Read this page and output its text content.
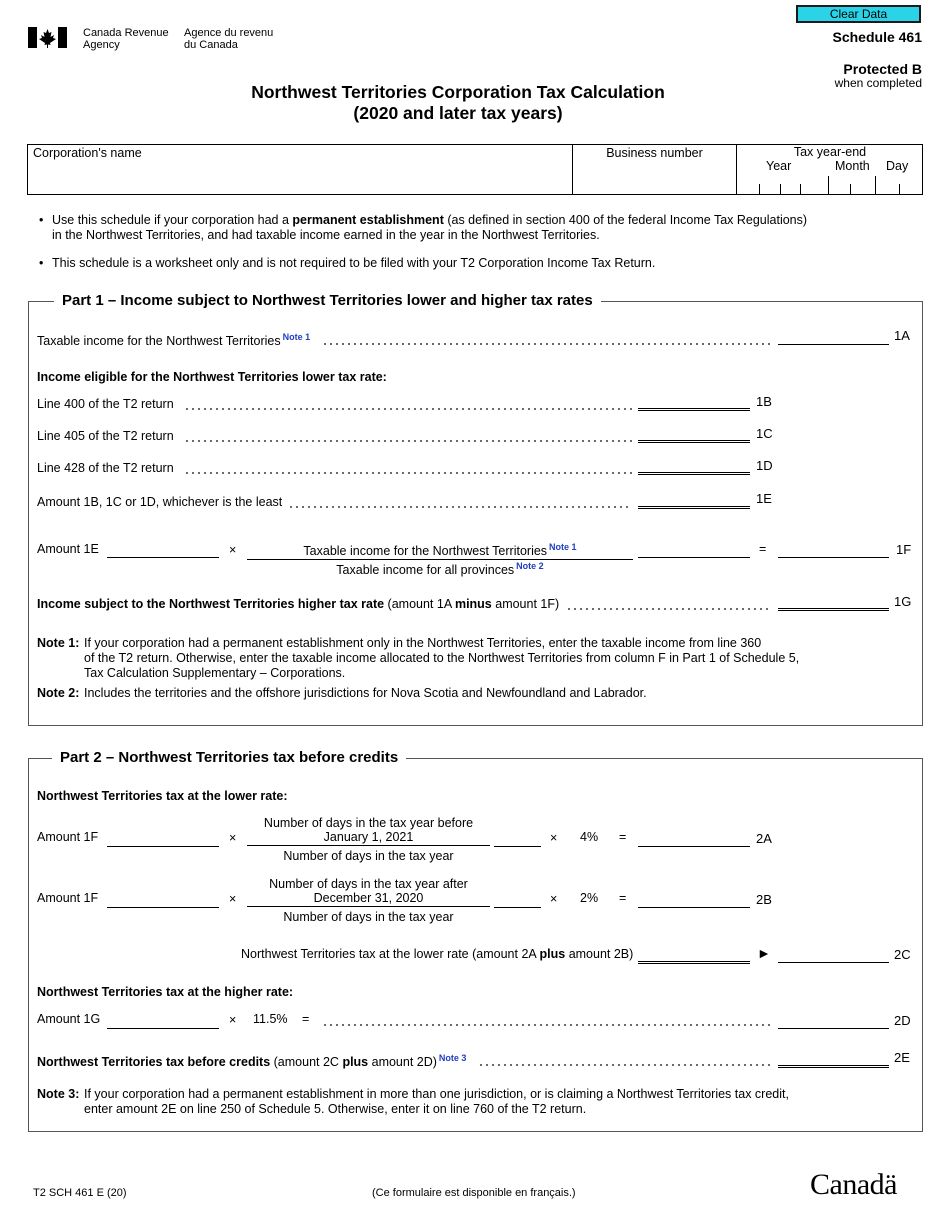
Canada Revenue
Agency
Agence du revenu
du Canada
Clear Data
Schedule 461
Protected B
when completed
Northwest Territories Corporation Tax Calculation
(2020 and later tax years)
Corporation's name	Business number	Tax year-end
Year	Month Day
• Use this schedule if your corporation had a permanent establishment (as defined in section 400 of the federal Income Tax Regulations)
in the Northwest Territories, and had taxable income earned in the year in the Northwest Territories.
• This schedule is a worksheet only and is not required to be filed with your T2 Corporation Income Tax Return.
Part 1 – Income subject to Northwest Territories lower and higher tax rates
Taxable income for the Northwest Territories $^{Note 1}$	1A
Income eligible for the Northwest Territories lower tax rate:
Line 400 of the T2 return	1B
Line 405 of the T2 return	1C
Line 428 of the T2 return	1D
Amount 1B, 1C or 1D, whichever is the least	1E
Amount 1E	×	Taxable income for the Northwest Territories $^{Note 1}$
Taxable income for all provinces $^{Note 2}$
=	1F
Income subject to the Northwest Territories higher tax rate (amount 1A minus amount 1F)	1G
Note 1: If your corporation had a permanent establishment only in the Northwest Territories, enter the taxable income from line 360
of the T2 return. Otherwise, enter the taxable income allocated to the Northwest Territories from column F in Part 1 of Schedule 5,
Tax Calculation Supplementary – Corporations.
Note 2: Includes the territories and the offshore jurisdictions for Nova Scotia and Newfoundland and Labrador.
Part 2 – Northwest Territories tax before credits
Northwest Territories tax at the lower rate:
Amount 1F	×
Number of days in the tax year before
January 1, 2021
Number of days in the tax year
× 4% =	2A
Amount 1F	×
Number of days in the tax year after
December 31, 2020
Number of days in the tax year
× 2% =	2B
Northwest Territories tax at the lower rate (amount 2A plus amount 2B)	►	2C
Northwest Territories tax at the higher rate:
Amount 1G	× 11.5% =	2D
Northwest Territories tax before credits (amount 2C plus amount 2D) $^{Note 3}$	2E
Note 3: If your corporation had a permanent establishment in more than one jurisdiction, or is claiming a Northwest Territories tax credit,
enter amount 2E on line 250 of Schedule 5. Otherwise, enter it on line 760 of the T2 return.
T2 SCH 461 E (20)	(Ce formulaire est disponible en français.)	Canadä
